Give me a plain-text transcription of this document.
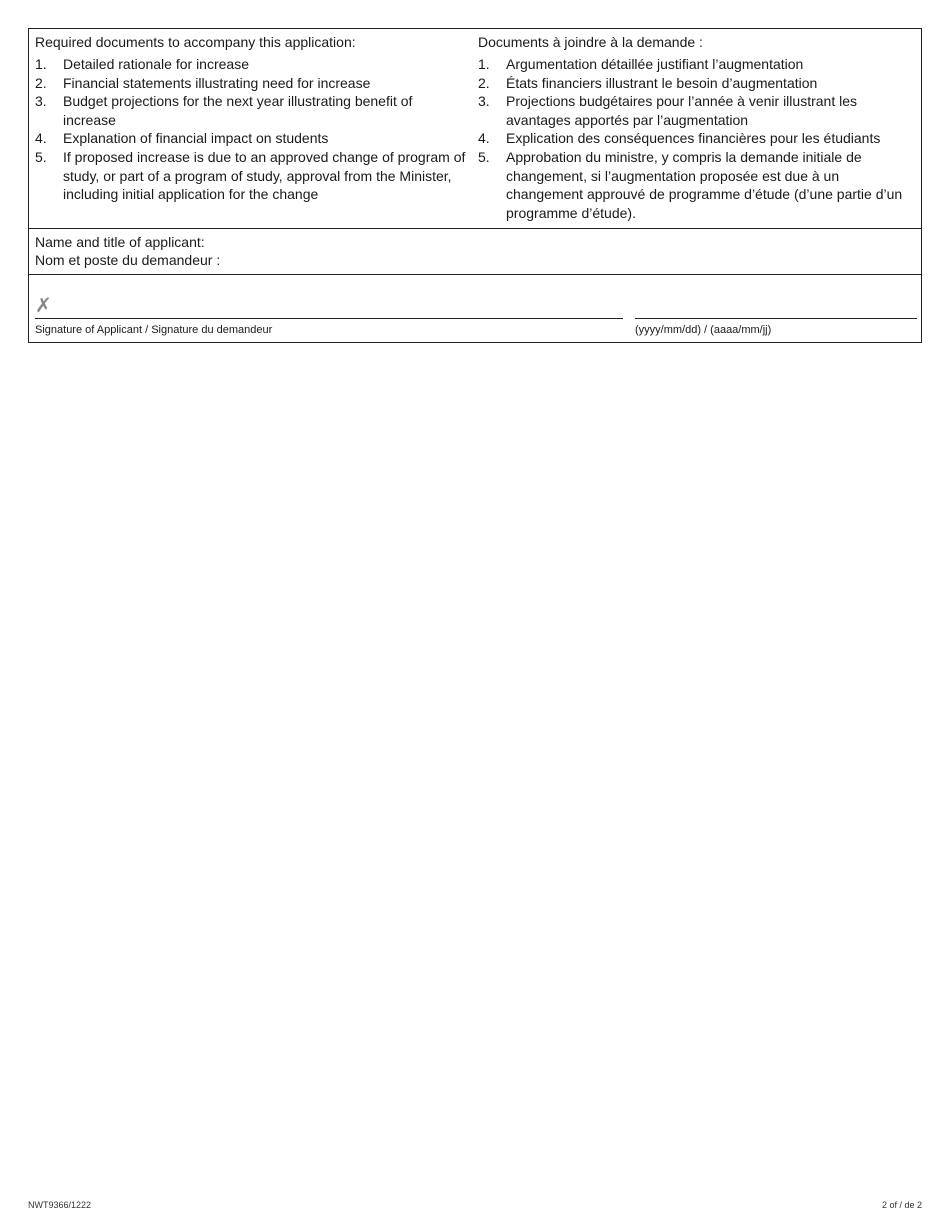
Required documents to accompany this application:
1.	Detailed rationale for increase
2.	Financial statements illustrating need for increase
3.	Budget projections for the next year illustrating benefit of increase
4.	Explanation of financial impact on students
5.	If proposed increase is due to an approved change of program of study, or part of a program of study, approval from the Minister, including initial application for the change
Documents à joindre à la demande :
1.	Argumentation détaillée justifiant l’augmentation
2.	États financiers illustrant le besoin d’augmentation
3.	Projections budgétaires pour l’année à venir illustrant les avantages apportés par l’augmentation
4.	Explication des conséquences financières pour les étudiants
5.	Approbation du ministre, y compris la demande initiale de changement, si l’augmentation proposée est due à un changement approuvé de programme d’étude (d’une partie d’un programme d’étude).
Name and title of applicant:
Nom et poste du demandeur :
✗
Signature of Applicant / Signature du demandeur	(yyyy/mm/dd) / (aaaa/mm/jj)
NWT9366/1222	2 of / de 2
